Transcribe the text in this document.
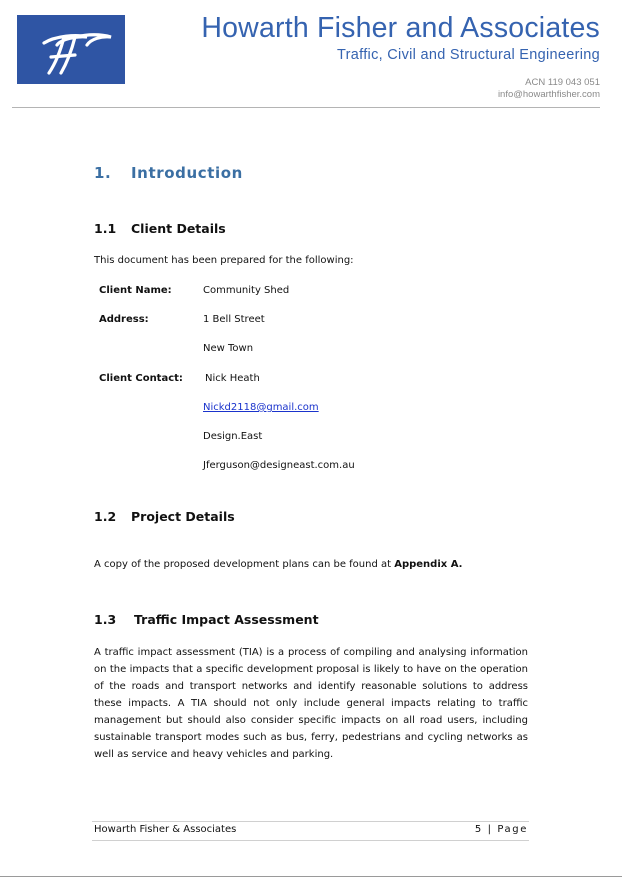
Howarth Fisher and Associates
Traffic, Civil and Structural Engineering
ACN 119 043 051
info@howarthfisher.com
1. Introduction
1.1 Client Details
This document has been prepared for the following:
Client Name:	Community Shed
Address:	1 Bell Street
New Town
Client Contact: Nick Heath
Nickd2118@gmail.com
Design.East
Jferguson@designeast.com.au
1.2 Project Details
A copy of the proposed development plans can be found at Appendix A.
1.3 Traffic Impact Assessment
A traffic impact assessment (TIA) is a process of compiling and analysing information on the impacts that a specific development proposal is likely to have on the operation of the roads and transport networks and identify reasonable solutions to address these impacts. A TIA should not only include general impacts relating to traffic management but should also consider specific impacts on all road users, including sustainable transport modes such as bus, ferry, pedestrians and cycling networks as well as service and heavy vehicles and parking.
Howarth Fisher & Associates	5 | Page
